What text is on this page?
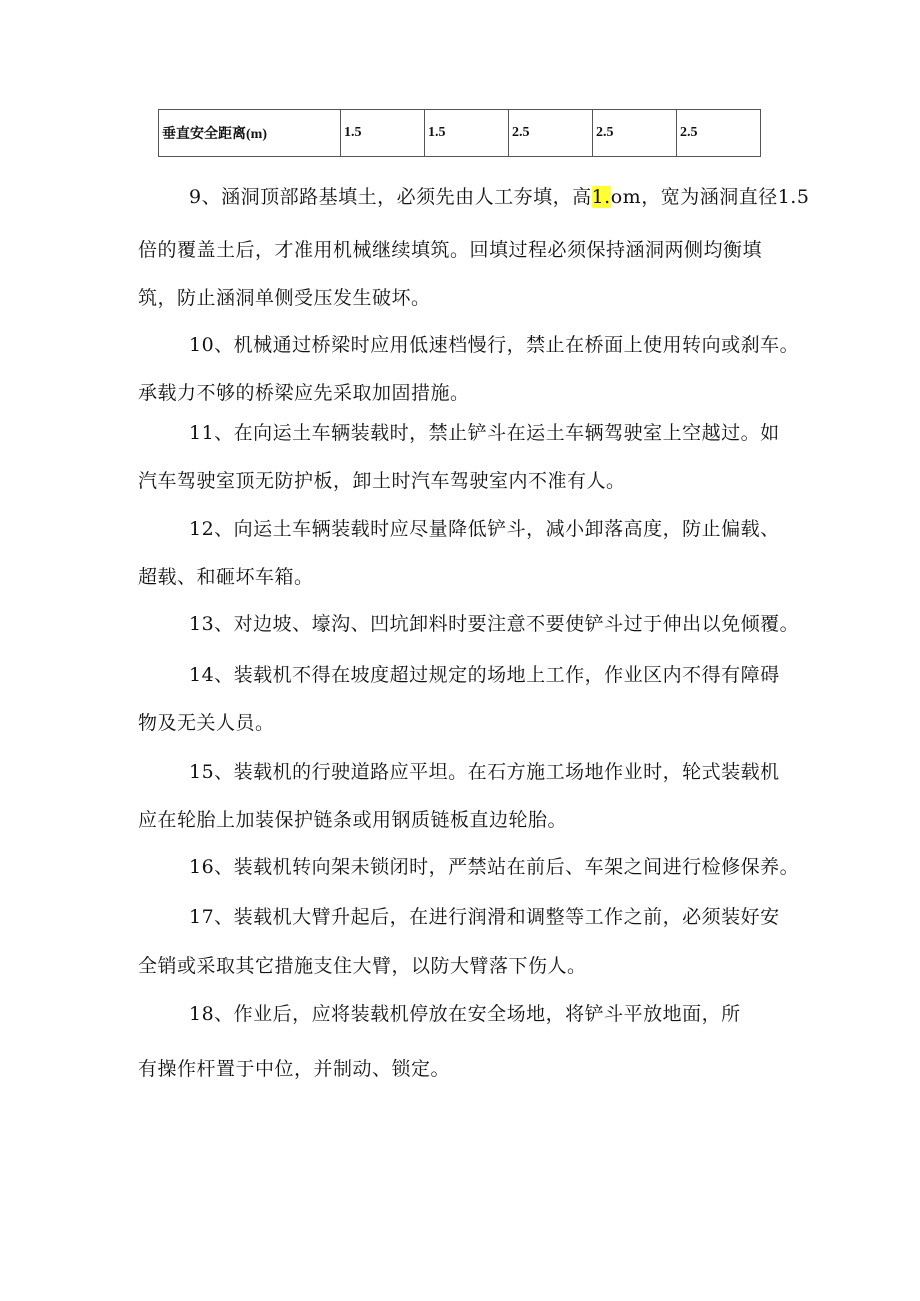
垂直安全距离(m)	1.5	1.5	2.5	2.5	2.5
9、涵洞顶部路基填土，必须先由人工夯填，高1.om，宽为涵洞直径1.5
倍的覆盖土后，才准用机械继续填筑。回填过程必须保持涵洞两侧均衡填
筑，防止涵洞单侧受压发生破坏。
10、机械通过桥梁时应用低速档慢行，禁止在桥面上使用转向或刹车。
承载力不够的桥梁应先采取加固措施。
11、在向运土车辆装载时，禁止铲斗在运土车辆驾驶室上空越过。如
汽车驾驶室顶无防护板，卸土时汽车驾驶室内不准有人。
12、向运土车辆装载时应尽量降低铲斗，减小卸落高度，防止偏载、
超载、和砸坏车箱。
13、对边坡、壕沟、凹坑卸料时要注意不要使铲斗过于伸出以免倾覆。
14、装载机不得在坡度超过规定的场地上工作，作业区内不得有障碍
物及无关人员。
15、装载机的行驶道路应平坦。在石方施工场地作业时，轮式装载机
应在轮胎上加装保护链条或用钢质链板直边轮胎。
16、装载机转向架未锁闭时，严禁站在前后、车架之间进行检修保养。
17、装载机大臂升起后，在进行润滑和调整等工作之前，必须装好安
全销或采取其它措施支住大臂，以防大臂落下伤人。
18、作业后，应将装载机停放在安全场地，将铲斗平放地面，所
有操作杆置于中位，并制动、锁定。
